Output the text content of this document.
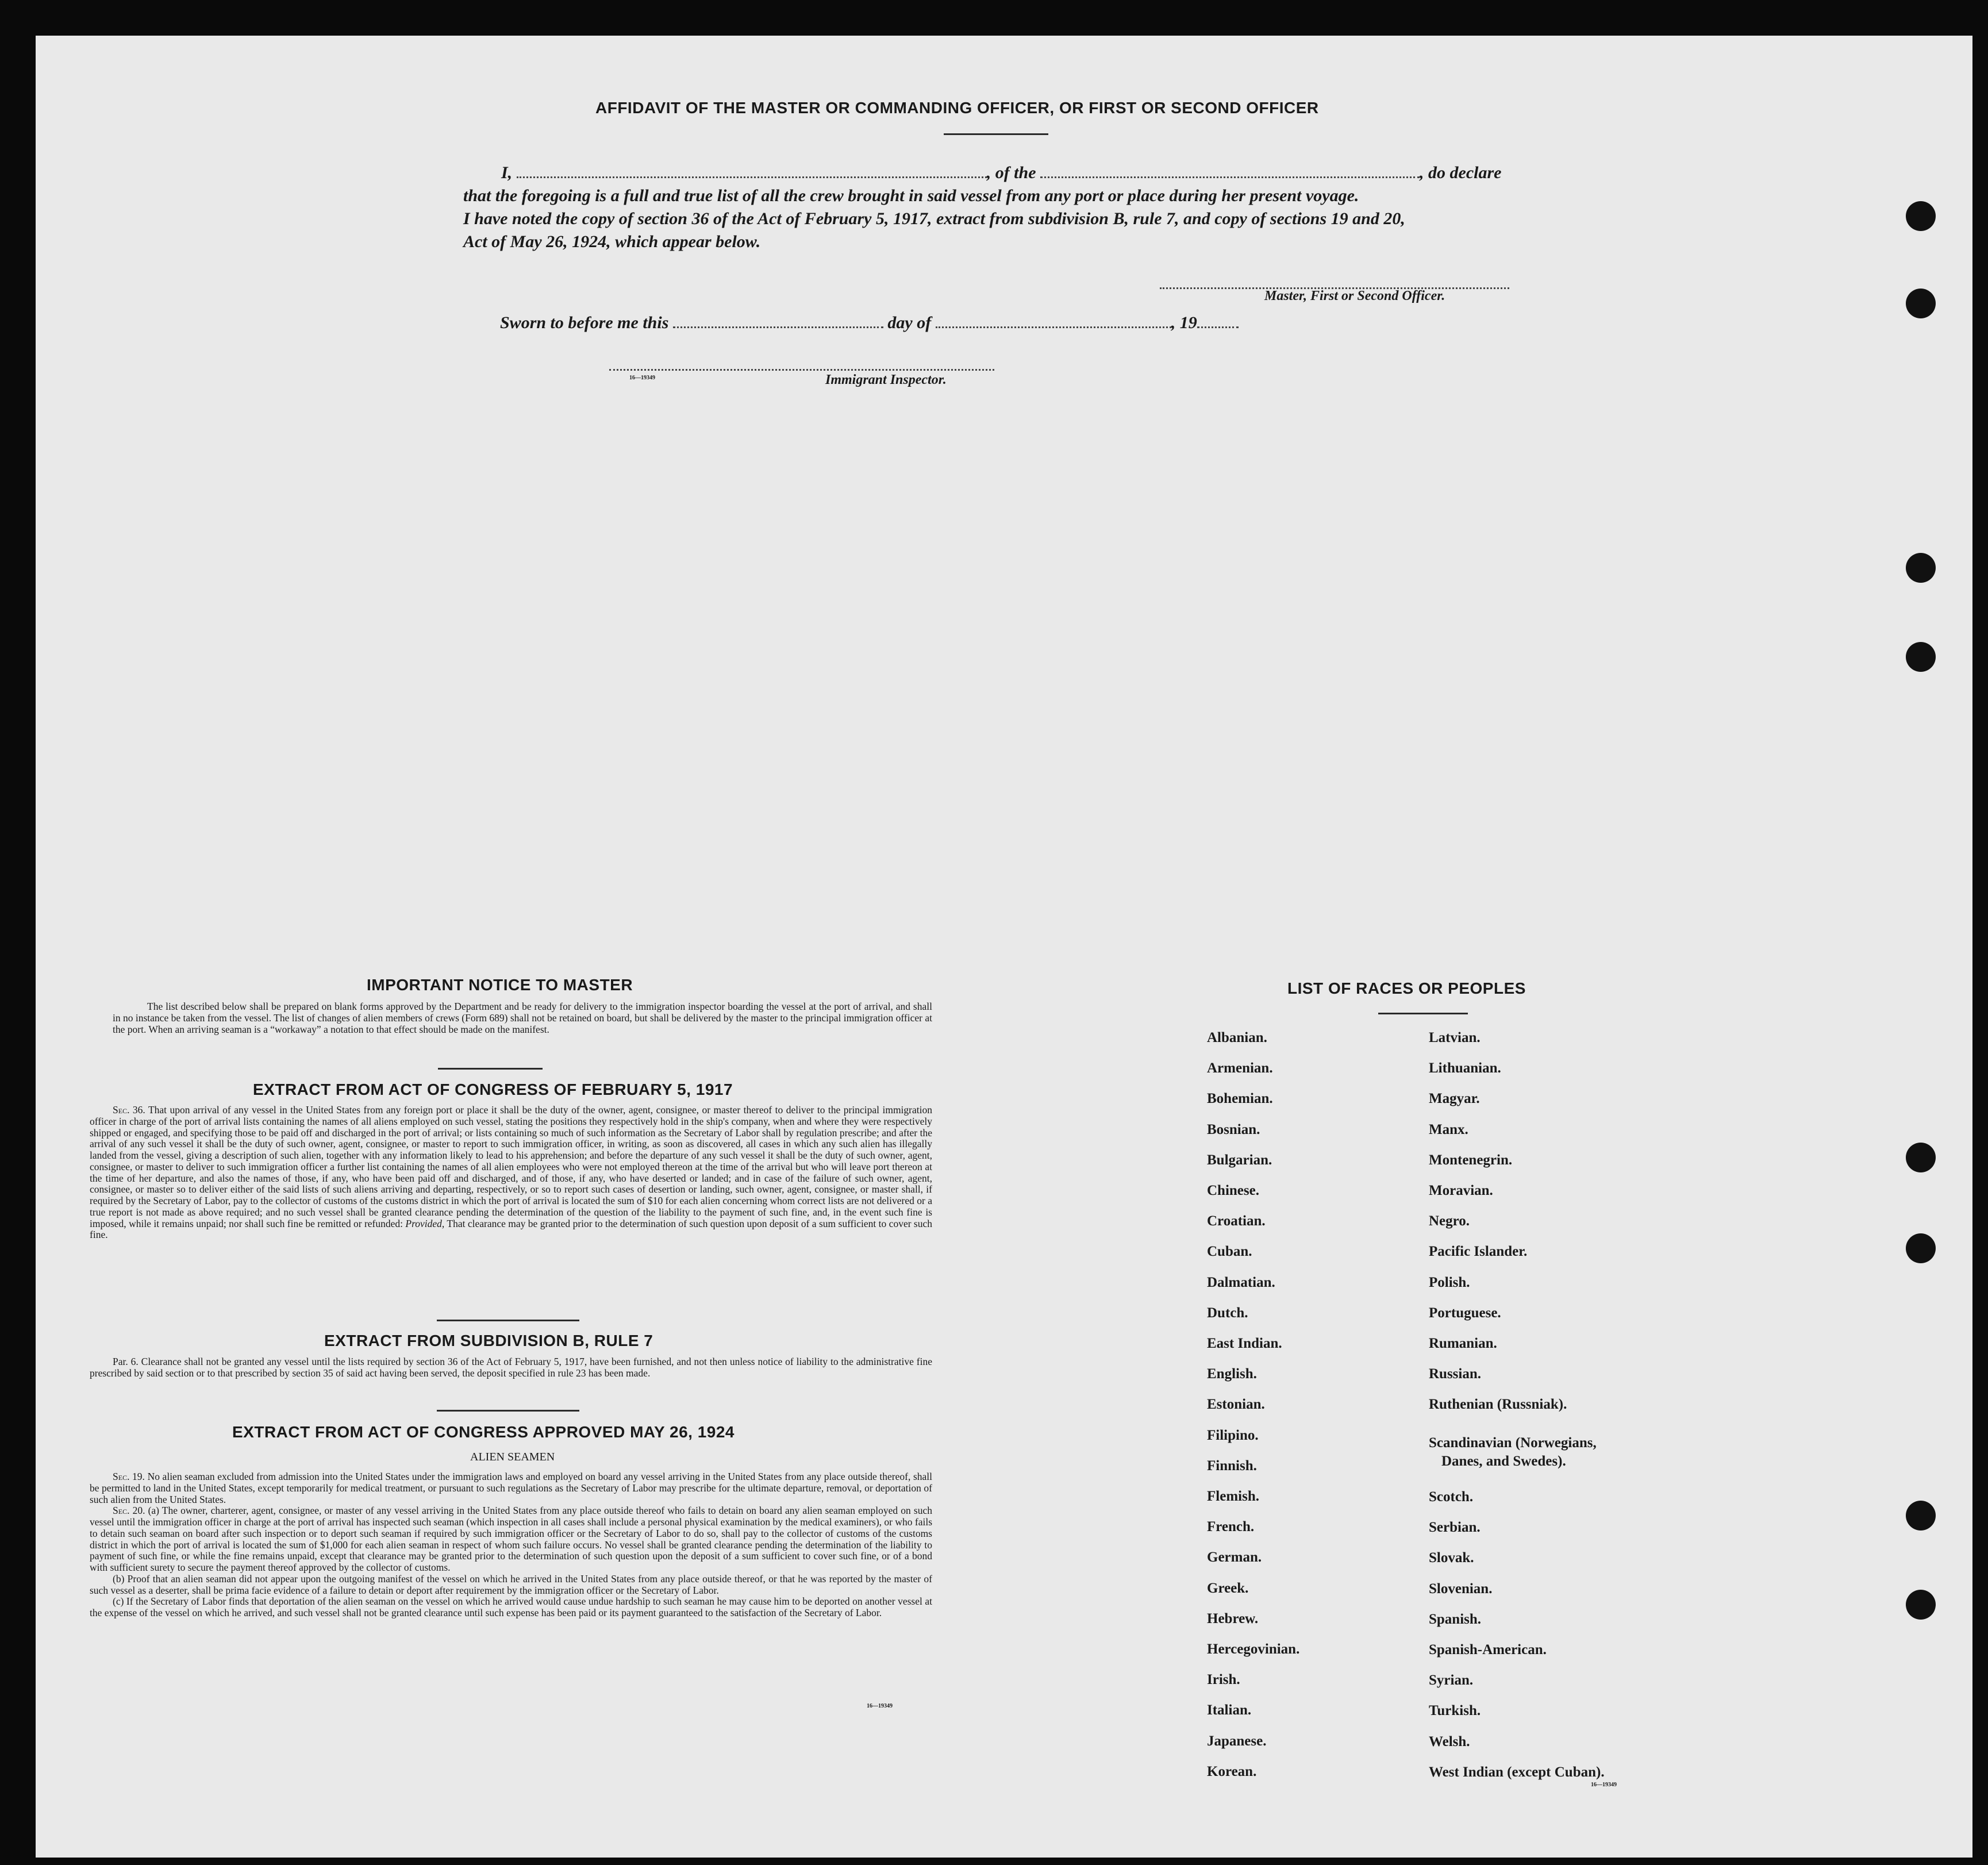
AFFIDAVIT OF THE MASTER OR COMMANDING OFFICER, OR FIRST OR SECOND OFFICER
I,	, of the	, do declare
that the foregoing is a full and true list of all the crew brought in said vessel from any port or place during her present voyage.
I have noted the copy of section 36 of the Act of February 5, 1917, extract from subdivision B, rule 7, and copy of sections 19 and 20,
Act of May 26, 1924, which appear below.
Master, First or Second Officer.
Sworn to before me this	day of	, 19
16—19349	Immigrant Inspector.
IMPORTANT NOTICE TO MASTER
The list described below shall be prepared on blank forms approved by the Department and be ready for delivery to the immigration inspector boarding the vessel at the port of arrival, and shall in no instance be taken from the vessel. The list of changes of alien members of crews (Form 689) shall not be retained on board, but shall be delivered by the master to the principal immigration officer at the port. When an arriving seaman is a “workaway” a notation to that effect should be made on the manifest.
EXTRACT FROM ACT OF CONGRESS OF FEBRUARY 5, 1917
Sec. 36. That upon arrival of any vessel in the United States from any foreign port or place it shall be the duty of the owner, agent, consignee, or master thereof to deliver to the principal immigration officer in charge of the port of arrival lists containing the names of all aliens employed on such vessel, stating the positions they respectively hold in the ship's company, when and where they were respectively shipped or engaged, and specifying those to be paid off and discharged in the port of arrival; or lists containing so much of such information as the Secretary of Labor shall by regulation prescribe; and after the arrival of any such vessel it shall be the duty of such owner, agent, consignee, or master to report to such immigration officer, in writing, as soon as discovered, all cases in which any such alien has illegally landed from the vessel, giving a description of such alien, together with any information likely to lead to his apprehension; and before the departure of any such vessel it shall be the duty of such owner, agent, consignee, or master to deliver to such immigration officer a further list containing the names of all alien employees who were not employed thereon at the time of the arrival but who will leave port thereon at the time of her departure, and also the names of those, if any, who have been paid off and discharged, and of those, if any, who have deserted or landed; and in case of the failure of such owner, agent, consignee, or master so to deliver either of the said lists of such aliens arriving and departing, respectively, or so to report such cases of desertion or landing, such owner, agent, consignee, or master shall, if required by the Secretary of Labor, pay to the collector of customs of the customs district in which the port of arrival is located the sum of $10 for each alien concerning whom correct lists are not delivered or a true report is not made as above required; and no such vessel shall be granted clearance pending the determination of the question of the liability to the payment of such fine, and, in the event such fine is imposed, while it remains unpaid; nor shall such fine be remitted or refunded: Provided, That clearance may be granted prior to the determination of such question upon deposit of a sum sufficient to cover such fine.
EXTRACT FROM SUBDIVISION B, RULE 7
Par. 6. Clearance shall not be granted any vessel until the lists required by section 36 of the Act of February 5, 1917, have been furnished, and not then unless notice of liability to the administrative fine prescribed by said section or to that prescribed by section 35 of said act having been served, the deposit specified in rule 23 has been made.
EXTRACT FROM ACT OF CONGRESS APPROVED MAY 26, 1924
ALIEN SEAMEN
Sec. 19. No alien seaman excluded from admission into the United States under the immigration laws and employed on board any vessel arriving in the United States from any place outside thereof, shall be permitted to land in the United States, except temporarily for medical treatment, or pursuant to such regulations as the Secretary of Labor may prescribe for the ultimate departure, removal, or deportation of such alien from the United States.
Sec. 20. (a) The owner, charterer, agent, consignee, or master of any vessel arriving in the United States from any place outside thereof who fails to detain on board any alien seaman employed on such vessel until the immigration officer in charge at the port of arrival has inspected such seaman (which inspection in all cases shall include a personal physical examination by the medical examiners), or who fails to detain such seaman on board after such inspection or to deport such seaman if required by such immigration officer or the Secretary of Labor to do so, shall pay to the collector of customs of the customs district in which the port of arrival is located the sum of $1,000 for each alien seaman in respect of whom such failure occurs. No vessel shall be granted clearance pending the determination of the liability to payment of such fine, or while the fine remains unpaid, except that clearance may be granted prior to the determination of such question upon the deposit of a sum sufficient to cover such fine, or of a bond with sufficient surety to secure the payment thereof approved by the collector of customs.
(b) Proof that an alien seaman did not appear upon the outgoing manifest of the vessel on which he arrived in the United States from any place outside thereof, or that he was reported by the master of such vessel as a deserter, shall be prima facie evidence of a failure to detain or deport after requirement by the immigration officer or the Secretary of Labor.
(c) If the Secretary of Labor finds that deportation of the alien seaman on the vessel on which he arrived would cause undue hardship to such seaman he may cause him to be deported on another vessel at the expense of the vessel on which he arrived, and such vessel shall not be granted clearance until such expense has been paid or its payment guaranteed to the satisfaction of the Secretary of Labor.
16—19349
LIST OF RACES OR PEOPLES
Albanian.
Armenian.
Bohemian.
Bosnian.
Bulgarian.
Chinese.
Croatian.
Cuban.
Dalmatian.
Dutch.
East Indian.
English.
Estonian.
Filipino.
Finnish.
Flemish.
French.
German.
Greek.
Hebrew.
Hercegovinian.
Irish.
Italian.
Japanese.
Korean.
Latvian.
Lithuanian.
Magyar.
Manx.
Montenegrin.
Moravian.
Negro.
Pacific Islander.
Polish.
Portuguese.
Rumanian.
Russian.
Ruthenian (Russniak).
Scandinavian (Norwegians,
Danes, and Swedes).
Scotch.
Serbian.
Slovak.
Slovenian.
Spanish.
Spanish-American.
Syrian.
Turkish.
Welsh.
West Indian (except Cuban).
16—19349
